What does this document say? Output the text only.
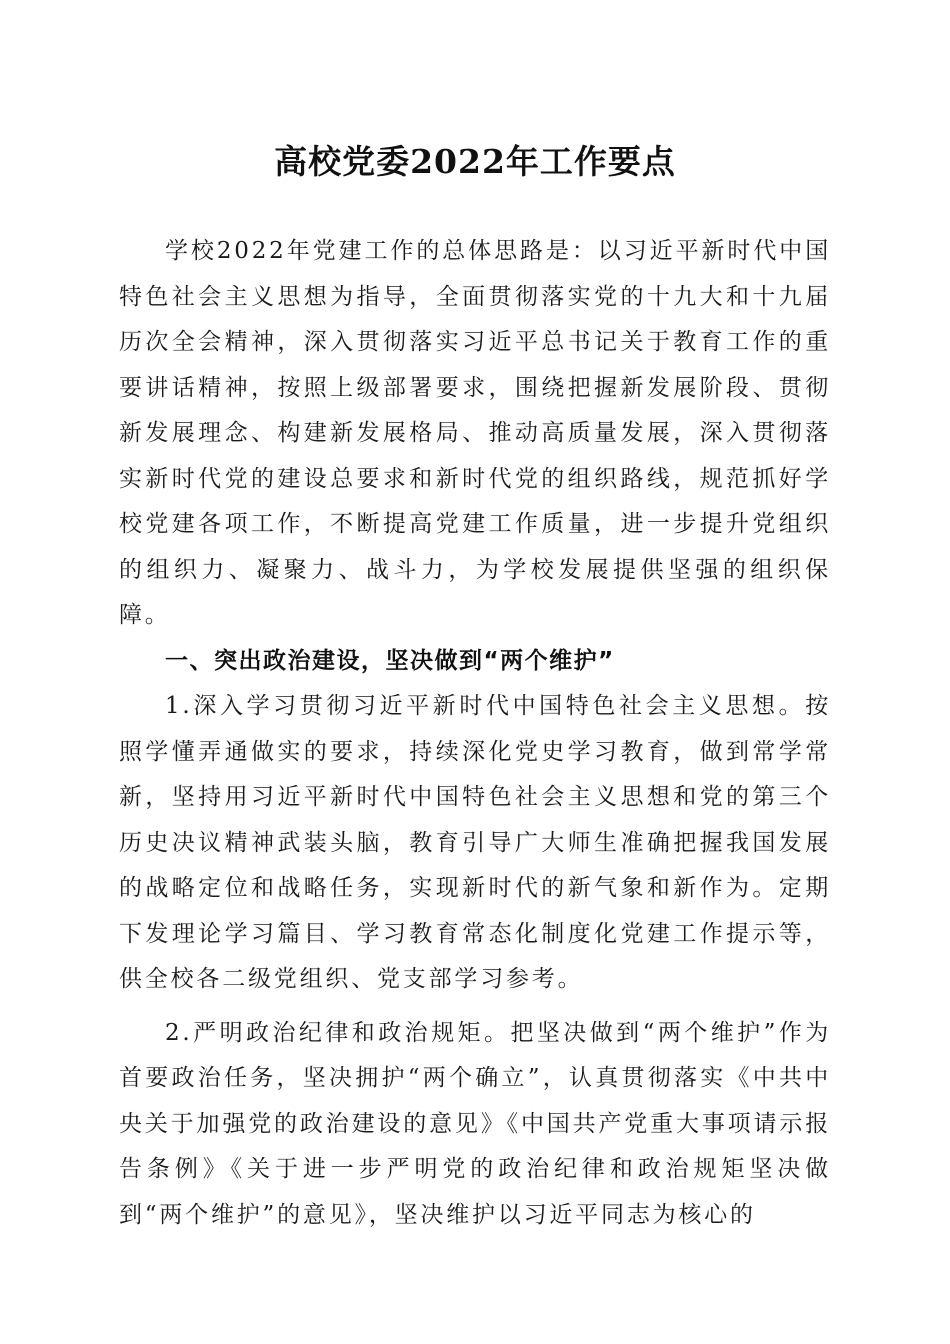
高校党委2022年工作要点

学校2022年党建工作的总体思路是：以习近平新时代中国特色社会主义思想为指导，全面贯彻落实党的十九大和十九届历次全会精神，深入贯彻落实习近平总书记关于教育工作的重要讲话精神，按照上级部署要求，围绕把握新发展阶段、贯彻新发展理念、构建新发展格局、推动高质量发展，深入贯彻落实新时代党的建设总要求和新时代党的组织路线，规范抓好学校党建各项工作，不断提高党建工作质量，进一步提升党组织的组织力、凝聚力、战斗力，为学校发展提供坚强的组织保障。

一、突出政治建设，坚决做到“两个维护”

1.深入学习贯彻习近平新时代中国特色社会主义思想。按照学懂弄通做实的要求，持续深化党史学习教育，做到常学常新，坚持用习近平新时代中国特色社会主义思想和党的第三个历史决议精神武装头脑，教育引导广大师生准确把握我国发展的战略定位和战略任务，实现新时代的新气象和新作为。定期下发理论学习篇目、学习教育常态化制度化党建工作提示等，供全校各二级党组织、党支部学习参考。

2.严明政治纪律和政治规矩。把坚决做到“两个维护”作为首要政治任务，坚决拥护“两个确立”，认真贯彻落实《中共中央关于加强党的政治建设的意见》《中国共产党重大事项请示报告条例》《关于进一步严明党的政治纪律和政治规矩坚决做到“两个维护”的意见》，坚决维护以习近平同志为核心的
